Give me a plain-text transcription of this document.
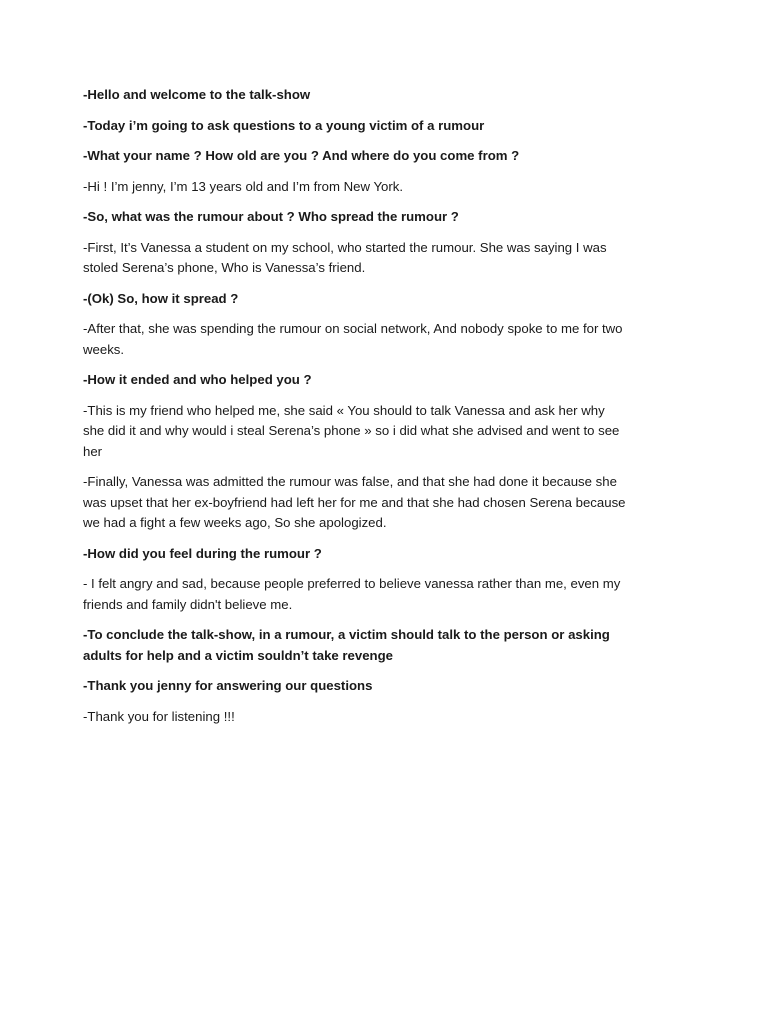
-Hello and welcome to the talk-show

-Today i’m going to ask questions to a young victim of a rumour

-What your name ? How old are you ? And where do you come from ?

-Hi ! I’m jenny, I’m 13 years old and I’m from New York.

-So, what was the rumour about ? Who spread the rumour ?

-First, It’s Vanessa a student on my school, who started the rumour. She was saying I was stoled Serena’s phone, Who is Vanessa’s friend.

-(Ok) So, how it spread ?

-After that, she was spending the rumour on social network, And nobody spoke to me for two weeks.

-How it ended and who helped you ?

-This is my friend who helped me, she said « You should to talk Vanessa and ask her why she did it and why would i steal Serena’s phone » so i did what she advised and went to see her

-Finally, Vanessa was admitted the rumour was false, and that she had done it because she was upset that her ex-boyfriend had left her for me and that she had chosen Serena because we had a fight a few weeks ago, So she apologized.

-How did you feel during the rumour ?

- I felt angry and sad, because people preferred to believe vanessa rather than me, even my friends and family didn't believe me.

-To conclude the talk-show, in a rumour, a victim should talk to the person or asking adults for help and a victim souldn’t take revenge

-Thank you jenny for answering our questions

-Thank you for listening !!!
